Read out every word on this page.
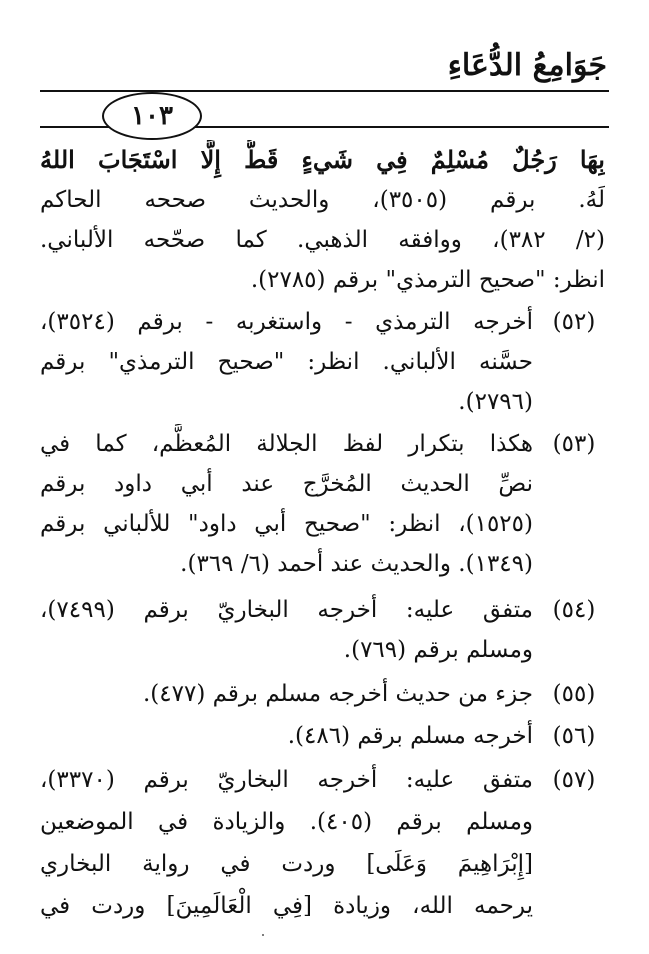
جَوَامِعُ الدُّعَاءِ
١٠٣
بِهَا رَجُلٌ مُسْلِمٌ فِي شَيءٍ قَطُّ إِلَّا اسْتَجَابَ اللهُ
لَهُ. برقم (٣٥٠٥)، والحديث صححه الحاكم
(٢/ ٣٨٢)، ووافقه الذهبي. كما صحّحه الألباني.
انظر: "صحيح الترمذي" برقم (٢٧٨٥).
(٥٢)
أخرجه الترمذي - واستغربه - برقم (٣٥٢٤)،
حسَّنه الألباني. انظر: "صحيح الترمذي" برقم
(٢٧٩٦).
(٥٣)
هكذا بتكرار لفظ الجلالة المُعظَّم، كما في
نصِّ الحديث المُخرَّج عند أبي داود برقم
(١٥٢٥)، انظر: "صحيح أبي داود" للألباني برقم
(١٣٤٩). والحديث عند أحمد (٦/ ٣٦٩).
(٥٤)
متفق عليه: أخرجه البخاريّ برقم (٧٤٩٩)،
ومسلم برقم (٧٦٩).
(٥٥)
جزء من حديث أخرجه مسلم برقم (٤٧٧).
(٥٦)
أخرجه مسلم برقم (٤٨٦).
(٥٧)
متفق عليه: أخرجه البخاريّ برقم (٣٣٧٠)،
ومسلم برقم (٤٠٥). والزيادة في الموضعين
[إِبْرَاهِيمَ وَعَلَى] وردت في رواية البخاري
يرحمه الله، وزيادة [فِي الْعَالَمِينَ] وردت في
